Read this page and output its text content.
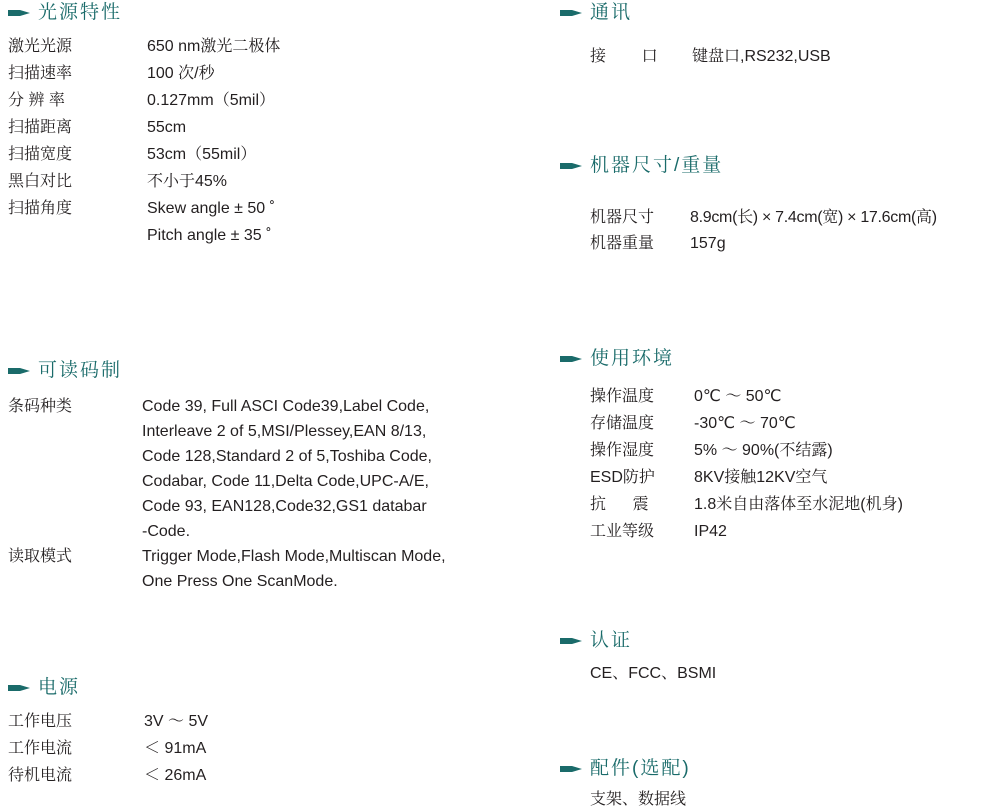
光源特性
激光光源	650 nm激光二极体
扫描速率	100 次/秒
分 辨 率	0.127mm（5mil）
扫描距离	55cm
扫描宽度	53cm（55mil）
黑白对比	不小于45%
扫描角度	Skew angle ± 50 ˚
Pitch angle ± 35 ˚
可读码制
条码种类	Code 39, Full ASCI Code39,Label Code,
Interleave 2 of 5,MSI/Plessey,EAN 8/13,
Code 128,Standard 2 of 5,Toshiba Code,
Codabar, Code 11,Delta Code,UPC-A/E,
Code 93, EAN128,Code32,GS1 databar
-Code.
读取模式	Trigger Mode,Flash Mode,Multiscan Mode,
One Press One ScanMode.
电源
工作电压	3V ～ 5V
工作电流	＜ 91mA
待机电流	＜ 26mA
通讯
接        口 键盘口,RS232,USB
机器尺寸/重量
机器尺寸 8.9cm(长) × 7.4cm(宽) × 17.6cm(高)
机器重量 157g
使用环境
操作温度 0℃ ～ 50℃
存储温度 -30℃ ～ 70℃
操作湿度 5% ～ 90%(不结露)
ESD防护 8KV接触12KV空气
抗      震	1.8米自由落体至水泥地(机身)
工业等级 IP42
认证
CE、FCC、BSMI
配件(选配)
支架、数据线
